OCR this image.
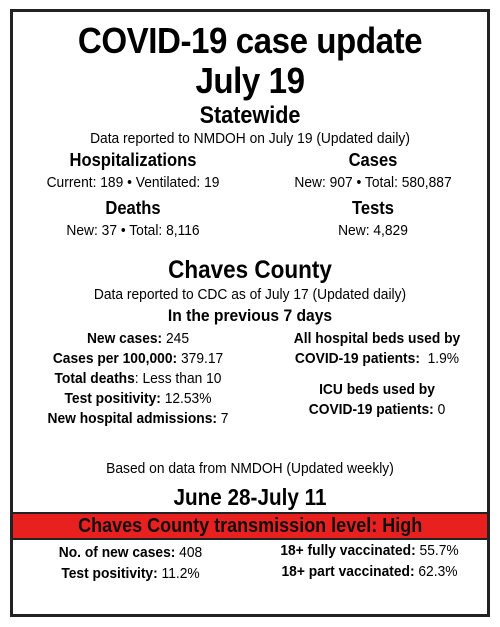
COVID-19 case update
July 19
Statewide
Data reported to NMDOH on July 19 (Updated daily)
Hospitalizations
Current: 189 • Ventilated: 19
Cases
New: 907 • Total: 580,887
Deaths
New: 37 • Total: 8,116
Tests
New: 4,829
Chaves County
Data reported to CDC as of July 17 (Updated daily)
In the previous 7 days
New cases: 245
Cases per 100,000: 379.17
Total deaths: Less than 10
Test positivity: 12.53%
New hospital admissions: 7
All hospital beds used by
COVID-19 patients:  1.9%
ICU beds used by
COVID-19 patients: 0
Based on data from NMDOH (Updated weekly)
June 28-July 11
Chaves County transmission level: High
No. of new cases: 408
Test positivity: 11.2%
18+ fully vaccinated: 55.7%
18+ part vaccinated: 62.3%
